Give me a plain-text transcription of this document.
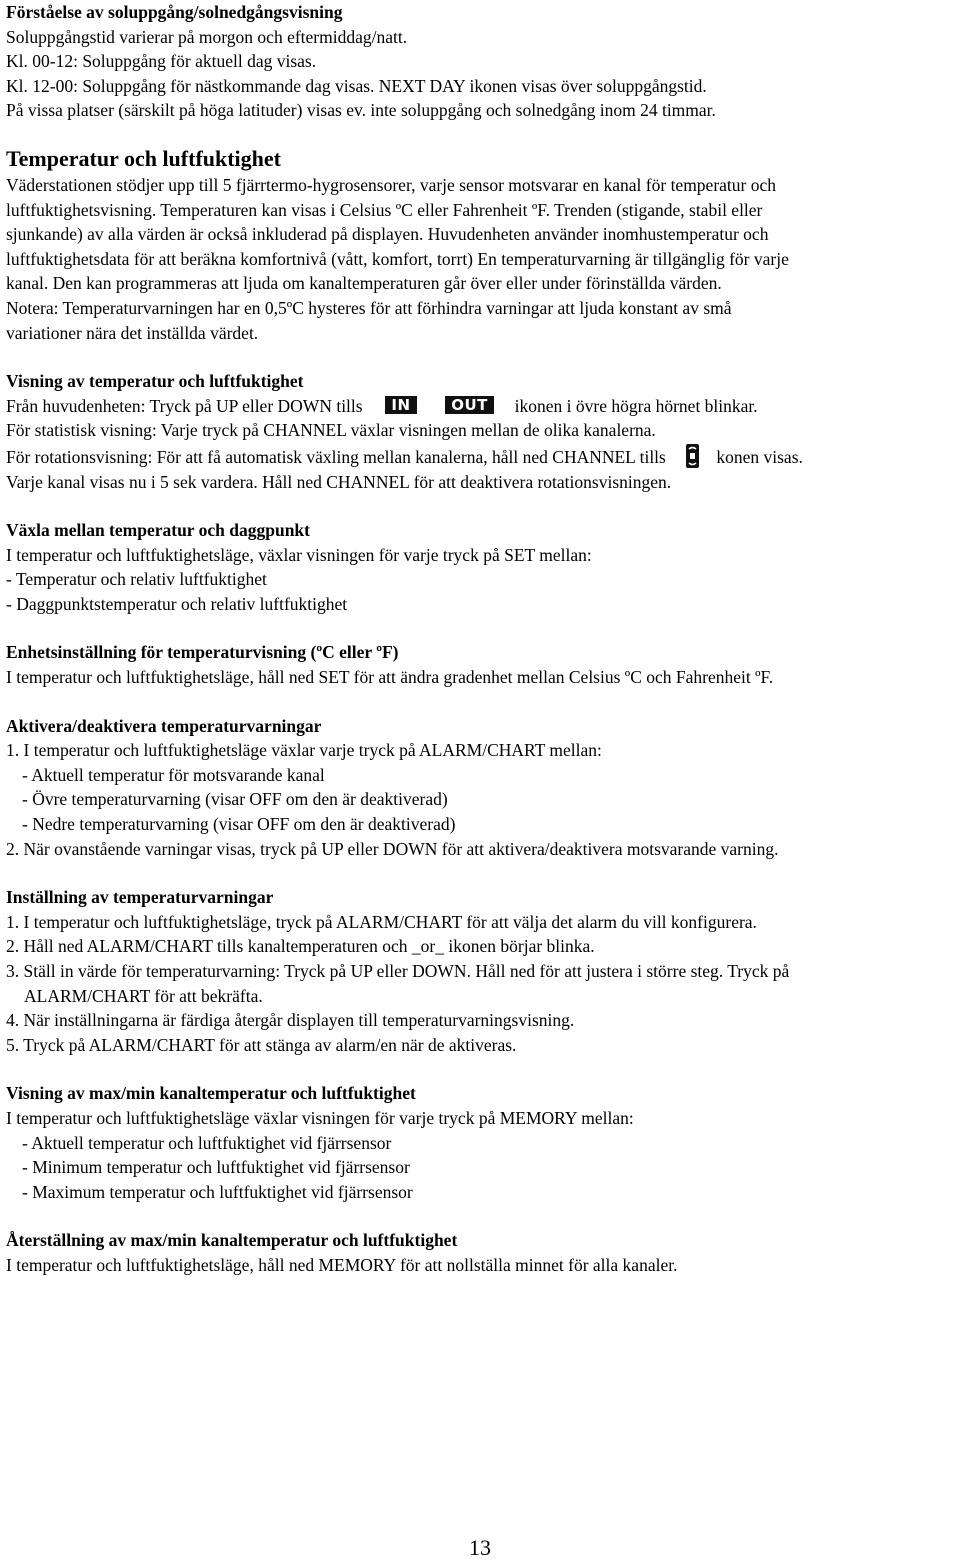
Förståelse av soluppgång/solnedgångsvisning
Soluppgångstid varierar på morgon och eftermiddag/natt.
Kl. 00-12: Soluppgång för aktuell dag visas.
Kl. 12-00: Soluppgång för nästkommande dag visas. NEXT DAY ikonen visas över soluppgångstid.
På vissa platser (särskilt på höga latituder) visas ev. inte soluppgång och solnedgång inom 24 timmar.
Temperatur och luftfuktighet
Väderstationen stödjer upp till 5 fjärrtermo-hygrosensorer, varje sensor motsvarar en kanal för temperatur och
luftfuktighetsvisning. Temperaturen kan visas i Celsius ºC eller Fahrenheit ºF. Trenden (stigande, stabil eller
sjunkande) av alla värden är också inkluderad på displayen. Huvudenheten använder inomhustemperatur och
luftfuktighetsdata för att beräkna komfortnivå (vått, komfort, torrt) En temperaturvarning är tillgänglig för varje
kanal. Den kan programmeras att ljuda om kanaltemperaturen går över eller under förinställda värden.
Notera: Temperaturvarningen har en 0,5ºC hysteres för att förhindra varningar att ljuda konstant av små
variationer nära det inställda värdet.
Visning av temperatur och luftfuktighet
Från huvudenheten: Tryck på UP eller DOWN tills IN	OUT ikonen i övre högra hörnet blinkar.
För statistisk visning: Varje tryck på CHANNEL växlar visningen mellan de olika kanalerna.
För rotationsvisning: För att få automatisk växling mellan kanalerna, håll ned CHANNEL tills	konen visas.
Varje kanal visas nu i 5 sek vardera. Håll ned CHANNEL för att deaktivera rotationsvisningen.
Växla mellan temperatur och daggpunkt
I temperatur och luftfuktighetsläge, växlar visningen för varje tryck på SET mellan:
- Temperatur och relativ luftfuktighet
- Daggpunktstemperatur och relativ luftfuktighet
Enhetsinställning för temperaturvisning (ºC eller ºF)
I temperatur och luftfuktighetsläge, håll ned SET för att ändra gradenhet mellan Celsius ºC och Fahrenheit ºF.
Aktivera/deaktivera temperaturvarningar
1. I temperatur och luftfuktighetsläge växlar varje tryck på ALARM/CHART mellan:
- Aktuell temperatur för motsvarande kanal
- Övre temperaturvarning (visar OFF om den är deaktiverad)
- Nedre temperaturvarning (visar OFF om den är deaktiverad)
2. När ovanstående varningar visas, tryck på UP eller DOWN för att aktivera/deaktivera motsvarande varning.
Inställning av temperaturvarningar
1. I temperatur och luftfuktighetsläge, tryck på ALARM/CHART för att välja det alarm du vill konfigurera.
2. Håll ned ALARM/CHART tills kanaltemperaturen och _or_ ikonen börjar blinka.
3. Ställ in värde för temperaturvarning: Tryck på UP eller DOWN. Håll ned för att justera i större steg. Tryck på
ALARM/CHART för att bekräfta.
4. När inställningarna är färdiga återgår displayen till temperaturvarningsvisning.
5. Tryck på ALARM/CHART för att stänga av alarm/en när de aktiveras.
Visning av max/min kanaltemperatur och luftfuktighet
I temperatur och luftfuktighetsläge växlar visningen för varje tryck på MEMORY mellan:
- Aktuell temperatur och luftfuktighet vid fjärrsensor
- Minimum temperatur och luftfuktighet vid fjärrsensor
- Maximum temperatur och luftfuktighet vid fjärrsensor
Återställning av max/min kanaltemperatur och luftfuktighet
I temperatur och luftfuktighetsläge, håll ned MEMORY för att nollställa minnet för alla kanaler.
13
